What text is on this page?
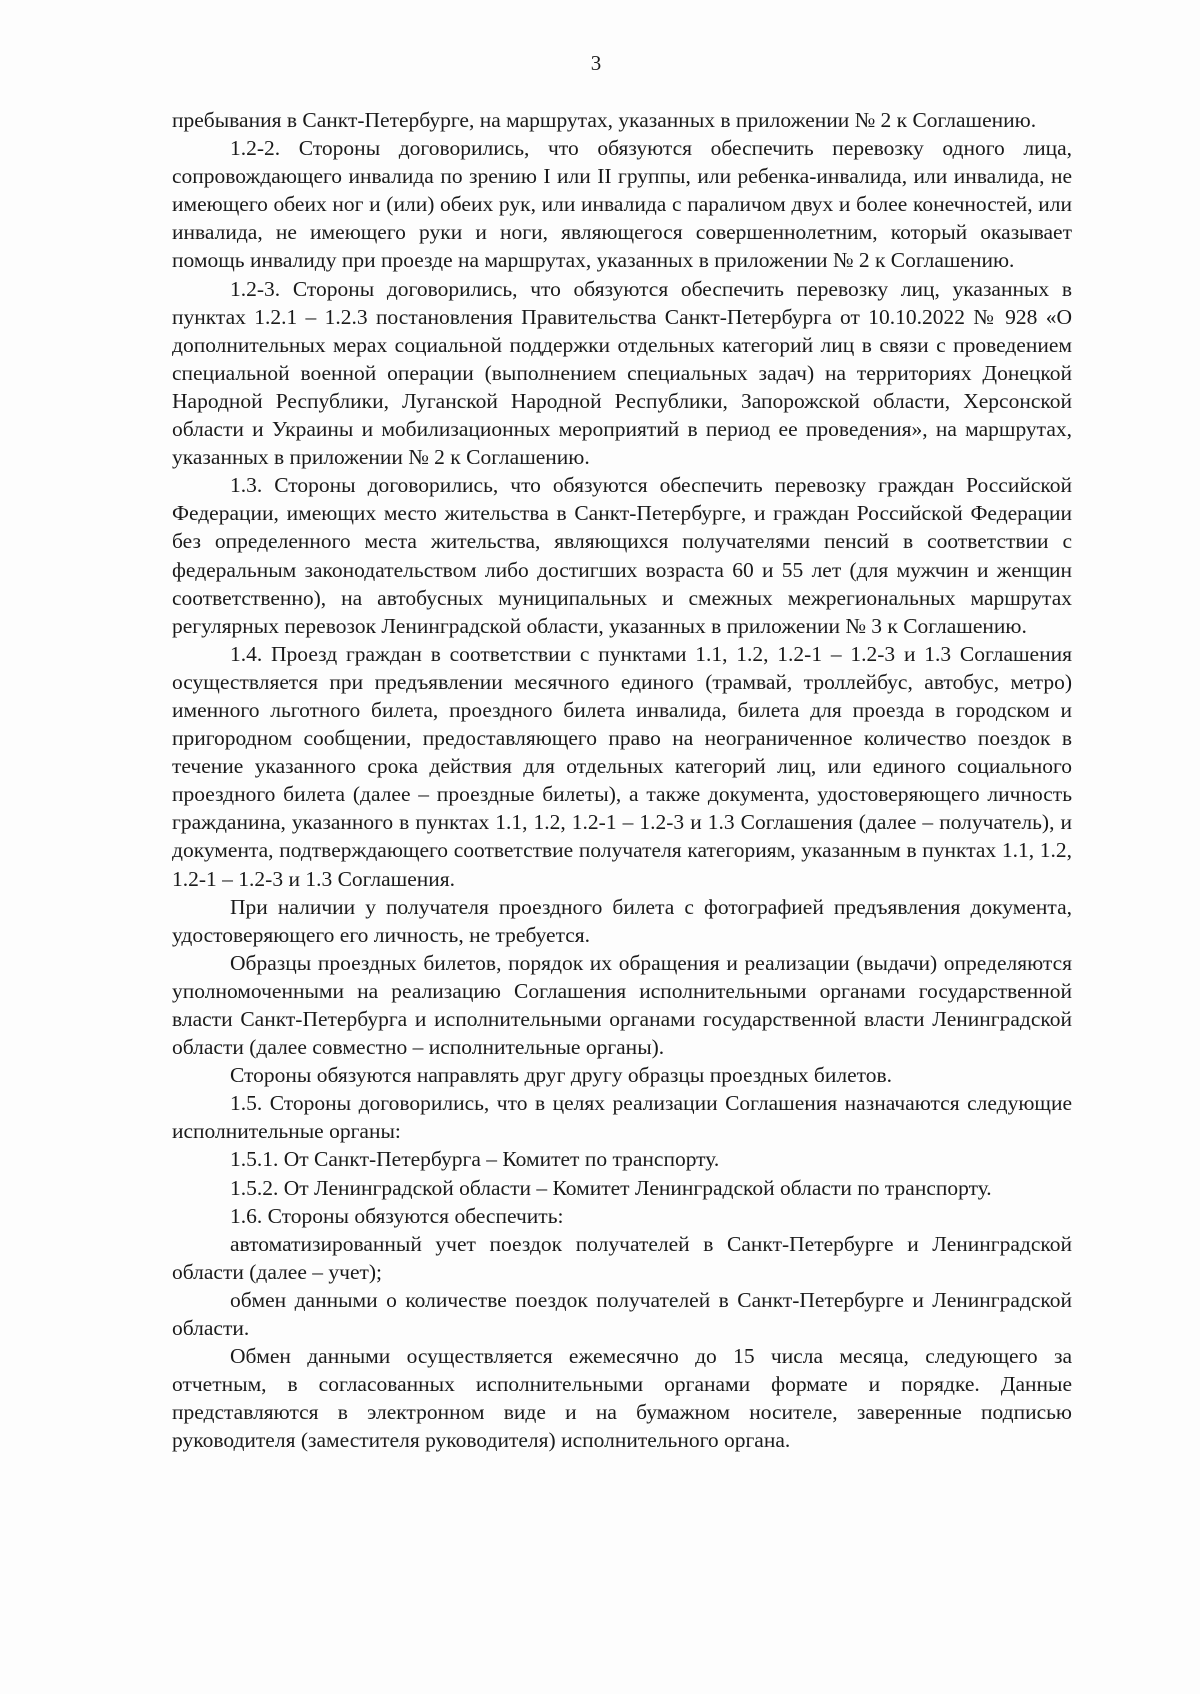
3

пребывания в Санкт-Петербурге, на маршрутах, указанных в приложении № 2 к Соглашению.

1.2-2. Стороны договорились, что обязуются обеспечить перевозку одного лица, сопровождающего инвалида по зрению I или II группы, или ребенка-инвалида, или инвалида, не имеющего обеих ног и (или) обеих рук, или инвалида с параличом двух и более конечностей, или инвалида, не имеющего руки и ноги, являющегося совершеннолетним, который оказывает помощь инвалиду при проезде на маршрутах, указанных в приложении № 2 к Соглашению.

1.2-3. Стороны договорились, что обязуются обеспечить перевозку лиц, указанных в пунктах 1.2.1 – 1.2.3 постановления Правительства Санкт-Петербурга от 10.10.2022 № 928 «О дополнительных мерах социальной поддержки отдельных категорий лиц в связи с проведением специальной военной операции (выполнением специальных задач) на территориях Донецкой Народной Республики, Луганской Народной Республики, Запорожской области, Херсонской области и Украины и мобилизационных мероприятий в период ее проведения», на маршрутах, указанных в приложении № 2 к Соглашению.

1.3. Стороны договорились, что обязуются обеспечить перевозку граждан Российской Федерации, имеющих место жительства в Санкт-Петербурге, и граждан Российской Федерации без определенного места жительства, являющихся получателями пенсий в соответствии с федеральным законодательством либо достигших возраста 60 и 55 лет (для мужчин и женщин соответственно), на автобусных муниципальных и смежных межрегиональных маршрутах регулярных перевозок Ленинградской области, указанных в приложении № 3 к Соглашению.

1.4. Проезд граждан в соответствии с пунктами 1.1, 1.2, 1.2-1 – 1.2-3 и 1.3 Соглашения осуществляется при предъявлении месячного единого (трамвай, троллейбус, автобус, метро) именного льготного билета, проездного билета инвалида, билета для проезда в городском и пригородном сообщении, предоставляющего право на неограниченное количество поездок в течение указанного срока действия для отдельных категорий лиц, или единого социального проездного билета (далее – проездные билеты), а также документа, удостоверяющего личность гражданина, указанного в пунктах 1.1, 1.2, 1.2-1 – 1.2-3 и 1.3 Соглашения (далее – получатель), и документа, подтверждающего соответствие получателя категориям, указанным в пунктах 1.1, 1.2, 1.2-1 – 1.2-3 и 1.3 Соглашения.

При наличии у получателя проездного билета с фотографией предъявления документа, удостоверяющего его личность, не требуется.

Образцы проездных билетов, порядок их обращения и реализации (выдачи) определяются уполномоченными на реализацию Соглашения исполнительными органами государственной власти Санкт-Петербурга и исполнительными органами государственной власти Ленинградской области (далее совместно – исполнительные органы).

Стороны обязуются направлять друг другу образцы проездных билетов.

1.5. Стороны договорились, что в целях реализации Соглашения назначаются следующие исполнительные органы:

1.5.1. От Санкт-Петербурга – Комитет по транспорту.

1.5.2. От Ленинградской области – Комитет Ленинградской области по транспорту.

1.6. Стороны обязуются обеспечить:

автоматизированный учет поездок получателей в Санкт-Петербурге и Ленинградской области (далее – учет);

обмен данными о количестве поездок получателей в Санкт-Петербурге и Ленинградской области.

Обмен данными осуществляется ежемесячно до 15 числа месяца, следующего за отчетным, в согласованных исполнительными органами формате и порядке. Данные представляются в электронном виде и на бумажном носителе, заверенные подписью руководителя (заместителя руководителя) исполнительного органа.
